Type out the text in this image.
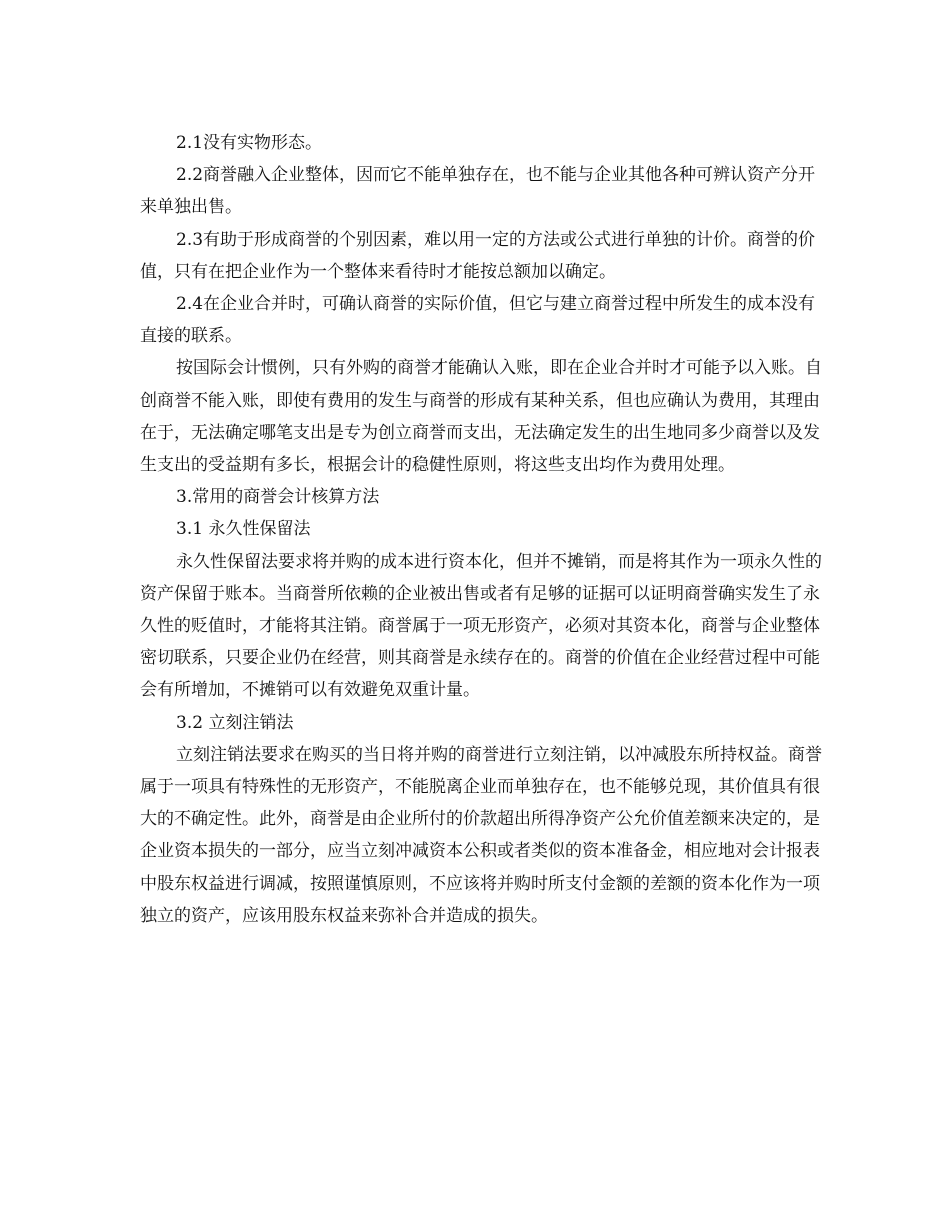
2.1没有实物形态。

2.2商誉融入企业整体，因而它不能单独存在，也不能与企业其他各种可辨认资产分开来单独出售。

2.3有助于形成商誉的个别因素，难以用一定的方法或公式进行单独的计价。商誉的价值，只有在把企业作为一个整体来看待时才能按总额加以确定。

2.4在企业合并时，可确认商誉的实际价值，但它与建立商誉过程中所发生的成本没有直接的联系。

按国际会计惯例，只有外购的商誉才能确认入账，即在企业合并时才可能予以入账。自创商誉不能入账，即使有费用的发生与商誉的形成有某种关系，但也应确认为费用，其理由在于，无法确定哪笔支出是专为创立商誉而支出，无法确定发生的出生地同多少商誉以及发生支出的受益期有多长，根据会计的稳健性原则，将这些支出均作为费用处理。

3.常用的商誉会计核算方法

3.1 永久性保留法

永久性保留法要求将并购的成本进行资本化，但并不摊销，而是将其作为一项永久性的资产保留于账本。当商誉所依赖的企业被出售或者有足够的证据可以证明商誉确实发生了永久性的贬值时，才能将其注销。商誉属于一项无形资产，必须对其资本化，商誉与企业整体密切联系，只要企业仍在经营，则其商誉是永续存在的。商誉的价值在企业经营过程中可能会有所增加，不摊销可以有效避免双重计量。

3.2 立刻注销法

立刻注销法要求在购买的当日将并购的商誉进行立刻注销，以冲减股东所持权益。商誉属于一项具有特殊性的无形资产，不能脱离企业而单独存在，也不能够兑现，其价值具有很大的不确定性。此外，商誉是由企业所付的价款超出所得净资产公允价值差额来决定的，是企业资本损失的一部分，应当立刻冲减资本公积或者类似的资本准备金，相应地对会计报表中股东权益进行调减，按照谨慎原则，不应该将并购时所支付金额的差额的资本化作为一项独立的资产，应该用股东权益来弥补合并造成的损失。
